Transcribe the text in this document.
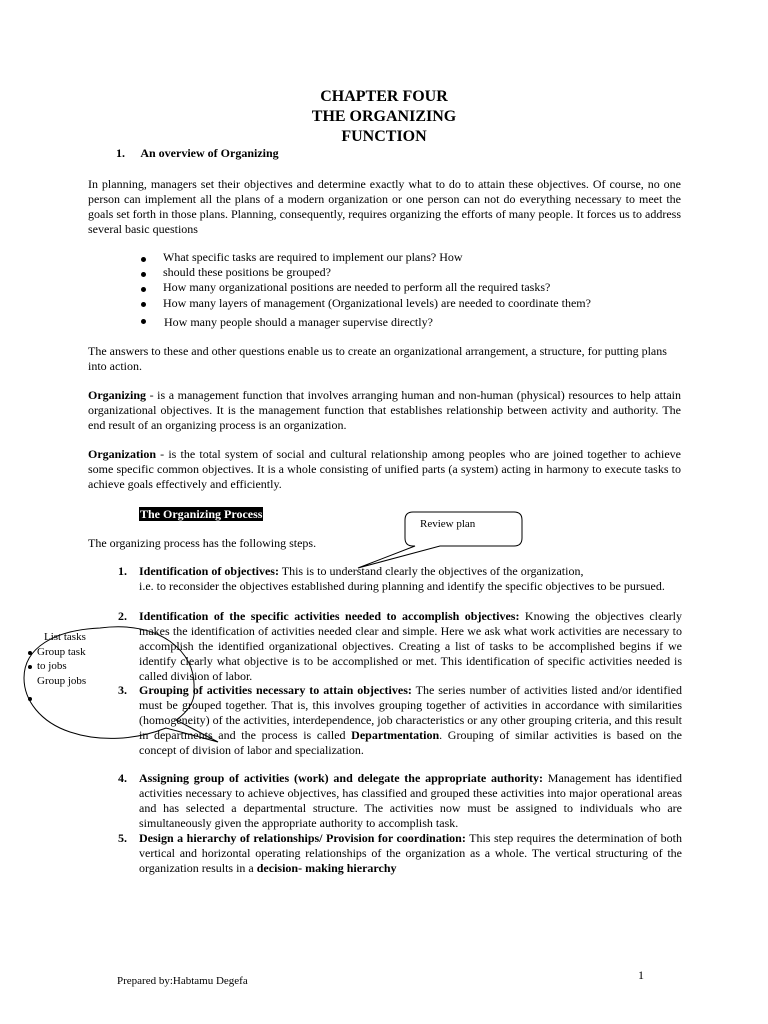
CHAPTER FOUR
THE ORGANIZING
FUNCTION
1. An overview of Organizing
In planning, managers set their objectives and determine exactly what to do to attain these objectives. Of course, no one person can implement all the plans of a modern organization or one person can not do everything necessary to meet the goals set forth in those plans. Planning, consequently, requires organizing the efforts of many people. It forces us to address several basic questions
What specific tasks are required to implement our plans? How
should these positions be grouped?
How many organizational positions are needed to perform all the required tasks?
How many layers of management (Organizational levels) are needed to coordinate them?
How many people should a manager supervise directly?
The answers to these and other questions enable us to create an organizational arrangement, a structure, for putting plans into action.
Organizing - is a management function that involves arranging human and non-human (physical) resources to help attain organizational objectives. It is the management function that establishes relationship between activity and authority. The end result of an organizing process is an organization.
Organization - is the total system of social and cultural relationship among peoples who are joined together to achieve some specific common objectives. It is a whole consisting of unified parts (a system) acting in harmony to execute tasks to achieve goals effectively and efficiently.
The Organizing Process
Review plan
The organizing process has the following steps.
List tasks
Group task
to jobs
Group jobs
1. Identification of objectives: This is to understand clearly the objectives of the organization,
i.e. to reconsider the objectives established during planning and identify the specific objectives to be pursued.
2. Identification of the specific activities needed to accomplish objectives: Knowing the objectives clearly makes the identification of activities needed clear and simple. Here we ask what work activities are necessary to accomplish the identified organizational objectives. Creating a list of tasks to be accomplished begins if we identify clearly what objective is to be accomplished or met. This identification of specific activities needed is called division of labor.
3. Grouping of activities necessary to attain objectives: The series number of activities listed and/or identified must be grouped together. That is, this involves grouping together of activities in accordance with similarities (homogeneity) of the activities, interdependence, job characteristics or any other grouping criteria, and this result in departments and the process is called Departmentation. Grouping of similar activities is based on the concept of division of labor and specialization.
4. Assigning group of activities (work) and delegate the appropriate authority: Management has identified activities necessary to achieve objectives, has classified and grouped these activities into major operational areas and has selected a departmental structure. The activities now must be assigned to individuals who are simultaneously given the appropriate authority to accomplish task.
5. Design a hierarchy of relationships/ Provision for coordination: This step requires the determination of both vertical and horizontal operating relationships of the organization as a whole. The vertical structuring of the organization results in a decision- making hierarchy
1
Prepared by:Habtamu Degefa
